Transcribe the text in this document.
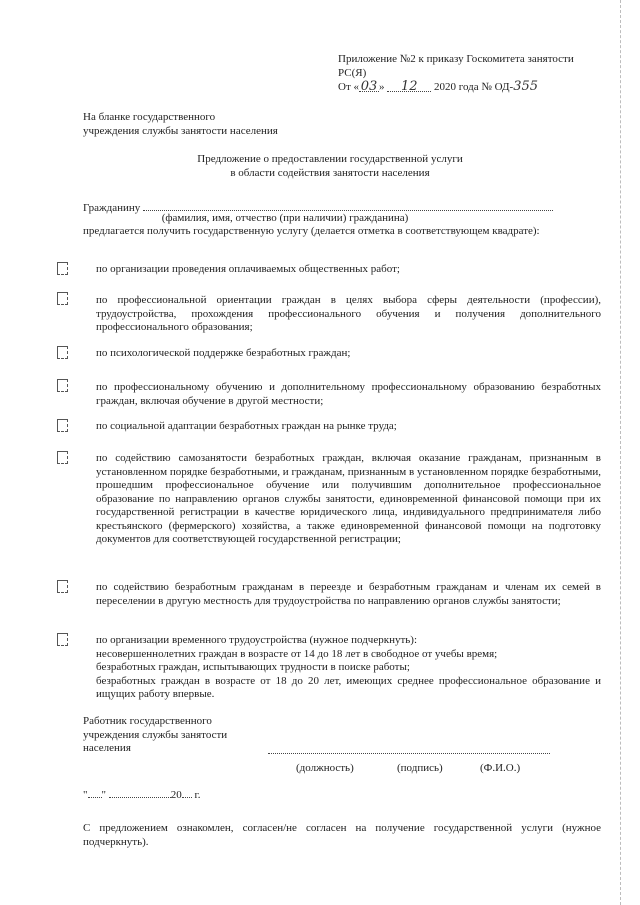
Приложение №2 к приказу Госкомитета занятости
РС(Я)
От « 03 » 12 2020 года № ОД-355
На бланке государственного
учреждения службы занятости населения
Предложение о предоставлении государственной услуги
в области содействия занятости населения
Гражданину
(фамилия, имя, отчество (при наличии) гражданина)
предлагается получить государственную услугу (делается отметка в соответствующем квадрате):
по организации проведения оплачиваемых общественных работ;
по профессиональной ориентации граждан в целях выбора сферы деятельности (профессии), трудоустройства, прохождения профессионального обучения и получения дополнительного профессионального образования;
по психологической поддержке безработных граждан;
по профессиональному обучению и дополнительному профессиональному образованию безработных граждан, включая обучение в другой местности;
по социальной адаптации безработных граждан на рынке труда;
по содействию самозанятости безработных граждан, включая оказание гражданам, признанным в установленном порядке безработными, и гражданам, признанным в установленном порядке безработными, прошедшим профессиональное обучение или получившим дополнительное профессиональное образование по направлению органов службы занятости, единовременной финансовой помощи при их государственной регистрации в качестве юридического лица, индивидуального предпринимателя либо крестьянского (фермерского) хозяйства, а также единовременной финансовой помощи на подготовку документов для соответствующей государственной регистрации;
по содействию безработным гражданам в переезде и безработным гражданам и членам их семей в переселении в другую местность для трудоустройства по направлению органов службы занятости;
по организации временного трудоустройства (нужное подчеркнуть):
несовершеннолетних граждан в возрасте от 14 до 18 лет в свободное от учебы время;
безработных граждан, испытывающих трудности в поиске работы;
безработных граждан в возрасте от 18 до 20 лет, имеющих среднее профессиональное образование и ищущих работу впервые.
Работник государственного
учреждения службы занятости
населения
(должность)	(подпись)	(Ф.И.О.)
" "	20 г.
С предложением ознакомлен, согласен/не согласен на получение государственной услуги (нужное подчеркнуть).
